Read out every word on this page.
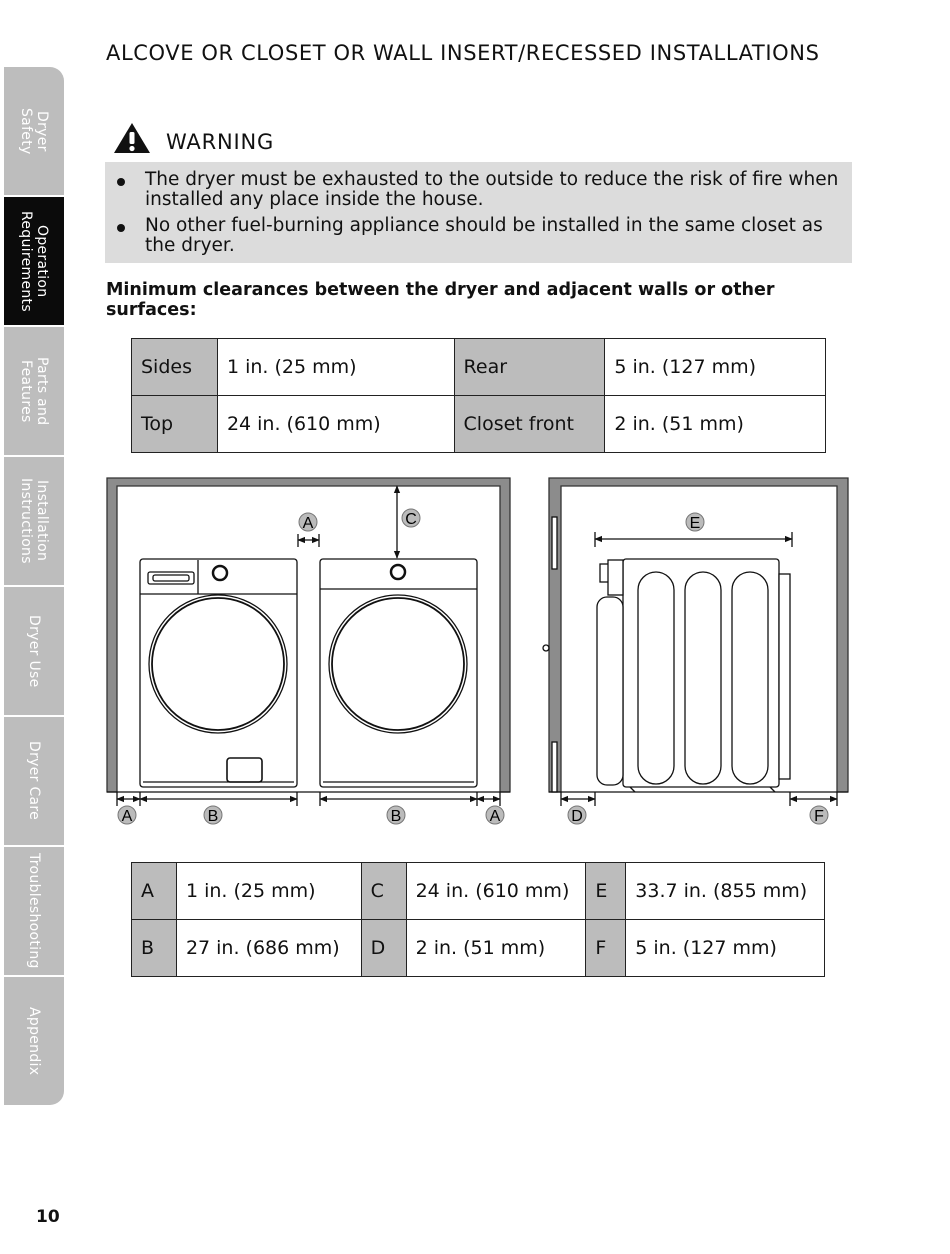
Dryer
Safety
Operation
Requirements
Parts and
Features
Installation
Instructions
Dryer Use
Dryer Care
Troubleshooting
Appendix
ALCOVE OR CLOSET OR WALL INSERT/RECESSED INSTALLATIONS
WARNING
The dryer must be exhausted to the outside to reduce the risk of fire when installed any place inside the house.
No other fuel-burning appliance should be installed in the same closet as the dryer.
Minimum clearances between the dryer and adjacent walls or other surfaces:
Sides	1 in. (25 mm)	Rear	5 in. (127 mm)
Top	24 in. (610 mm)	Closet front	2 in. (51 mm)
A	C
A	B	B	A
E
D	F
A	1 in. (25 mm)	C	24 in. (610 mm)	E	33.7 in. (855 mm)
B	27 in. (686 mm)	D	2 in. (51 mm)	F	5 in. (127 mm)
10
